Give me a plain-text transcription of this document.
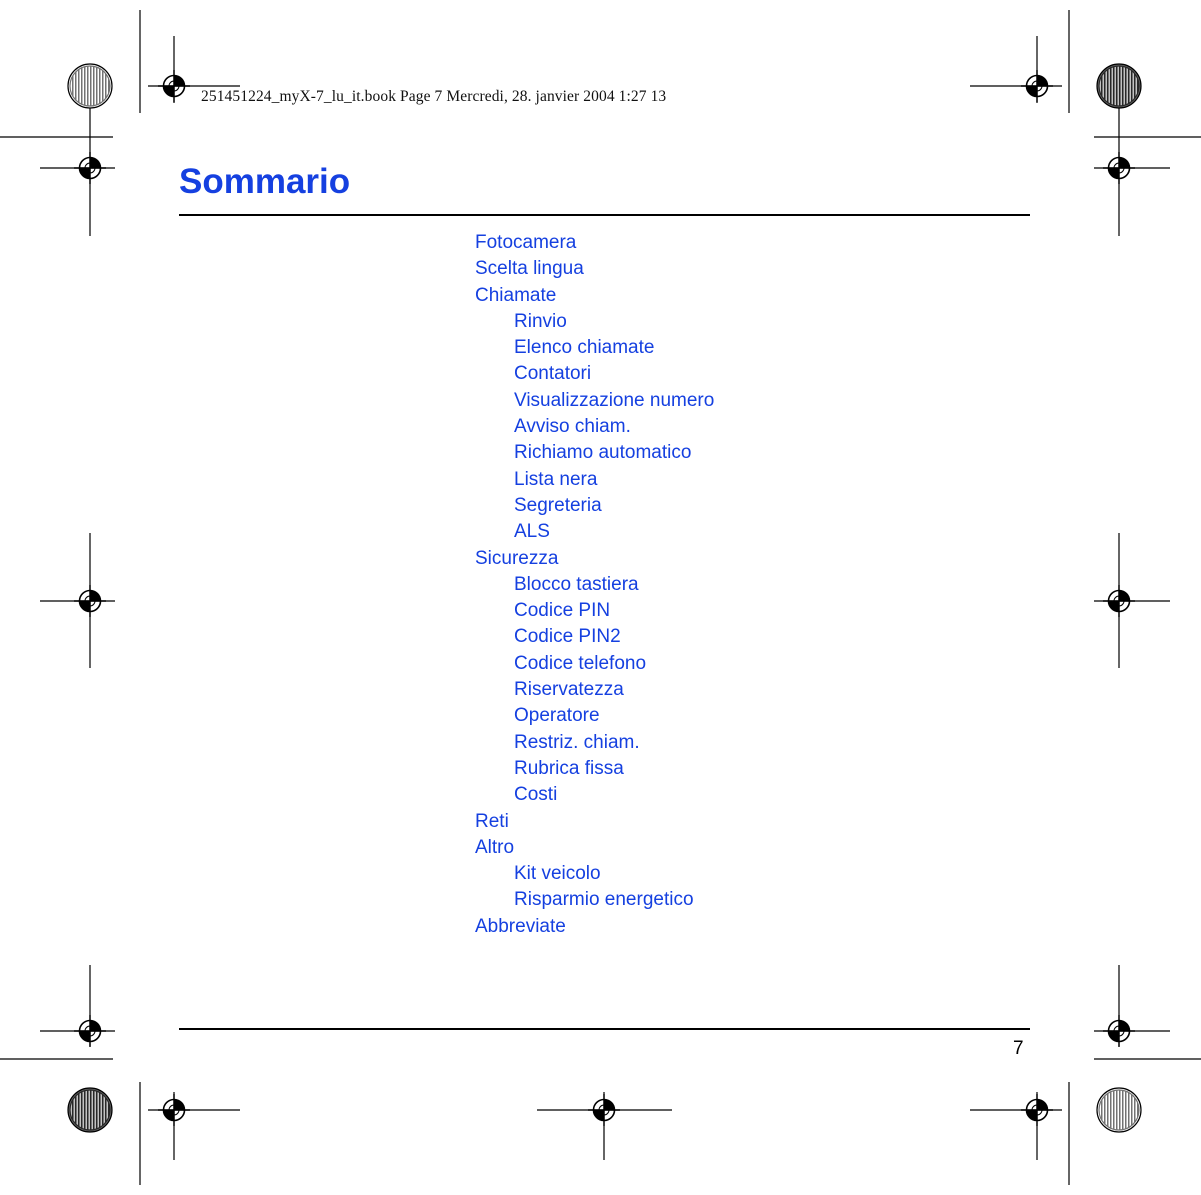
251451224_myX-7_lu_it.book Page 7 Mercredi, 28. janvier 2004 1:27 13
Sommario
Fotocamera
Scelta lingua
Chiamate
Rinvio
Elenco chiamate
Contatori
Visualizzazione numero
Avviso chiam.
Richiamo automatico
Lista nera
Segreteria
ALS
Sicurezza
Blocco tastiera
Codice PIN
Codice PIN2
Codice telefono
Riservatezza
Operatore
Restriz. chiam.
Rubrica fissa
Costi
Reti
Altro
Kit veicolo
Risparmio energetico
Abbreviate
7
